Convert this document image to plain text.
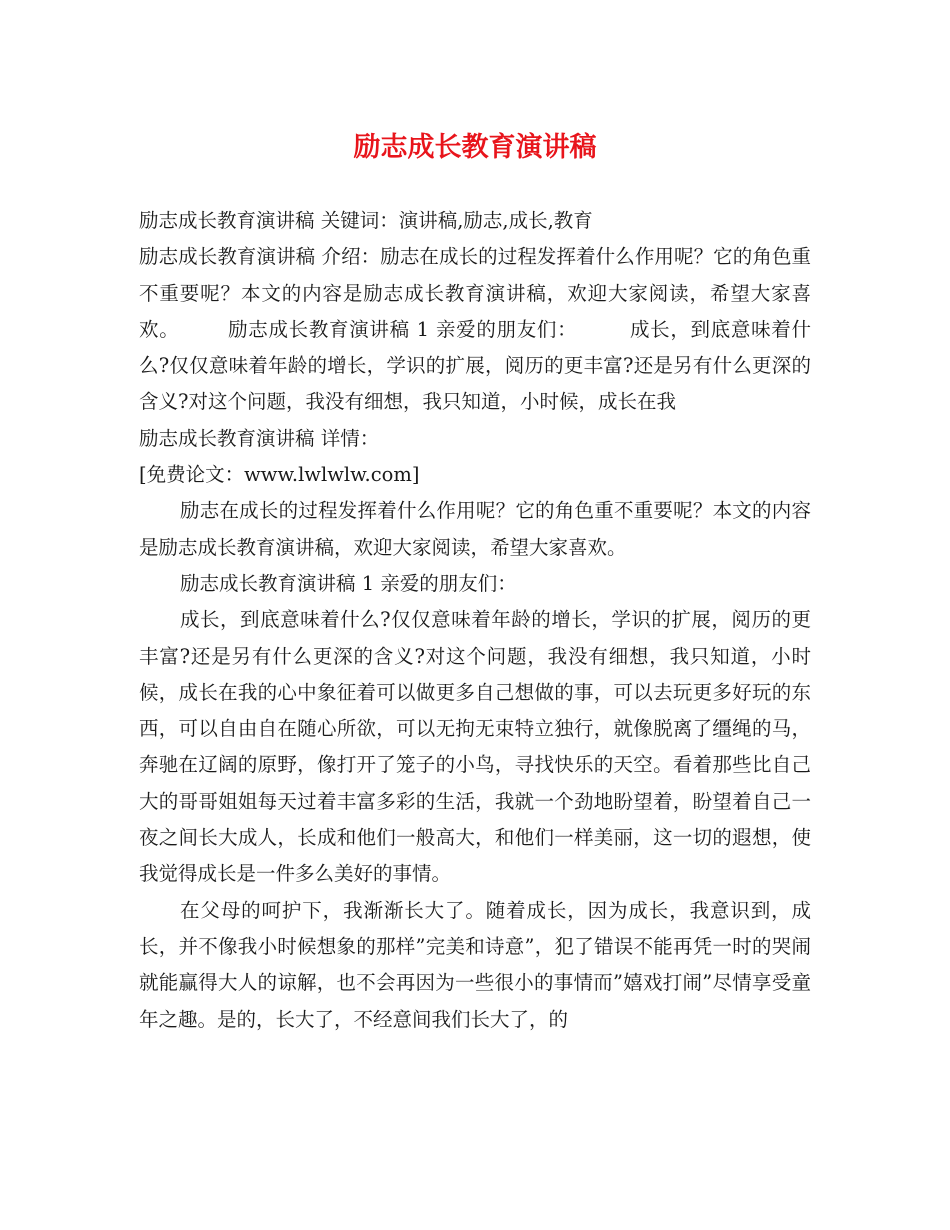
励志成长教育演讲稿

励志成长教育演讲稿 关键词：演讲稿,励志,成长,教育

励志成长教育演讲稿 介绍：励志在成长的过程发挥着什么作用呢？它的角色重不重要呢？本文的内容是励志成长教育演讲稿，欢迎大家阅读，希望大家喜欢。 励志成长教育演讲稿 1 亲爱的朋友们：	成长，到底意味着什么?仅仅意味着年龄的增长，学识的扩展，阅历的更丰富?还是另有什么更深的含义?对这个问题，我没有细想，我只知道，小时候，成长在我

励志成长教育演讲稿 详情：

[免费论文：www.lwlwlw.com]

励志在成长的过程发挥着什么作用呢？它的角色重不重要呢？本文的内容是励志成长教育演讲稿，欢迎大家阅读，希望大家喜欢。

励志成长教育演讲稿 1 亲爱的朋友们：

成长，到底意味着什么?仅仅意味着年龄的增长，学识的扩展，阅历的更丰富?还是另有什么更深的含义?对这个问题，我没有细想，我只知道，小时候，成长在我的心中象征着可以做更多自己想做的事，可以去玩更多好玩的东西，可以自由自在随心所欲，可以无拘无束特立独行，就像脱离了缰绳的马，奔驰在辽阔的原野，像打开了笼子的小鸟，寻找快乐的天空。看着那些比自己大的哥哥姐姐每天过着丰富多彩的生活，我就一个劲地盼望着，盼望着自己一夜之间长大成人，长成和他们一般高大，和他们一样美丽，这一切的遐想，使我觉得成长是一件多么美好的事情。

在父母的呵护下，我渐渐长大了。随着成长，因为成长，我意识到，成长，并不像我小时候想象的那样”完美和诗意”，犯了错误不能再凭一时的哭闹就能赢得大人的谅解，也不会再因为一些很小的事情而”嬉戏打闹”尽情享受童年之趣。是的，长大了，不经意间我们长大了，的
